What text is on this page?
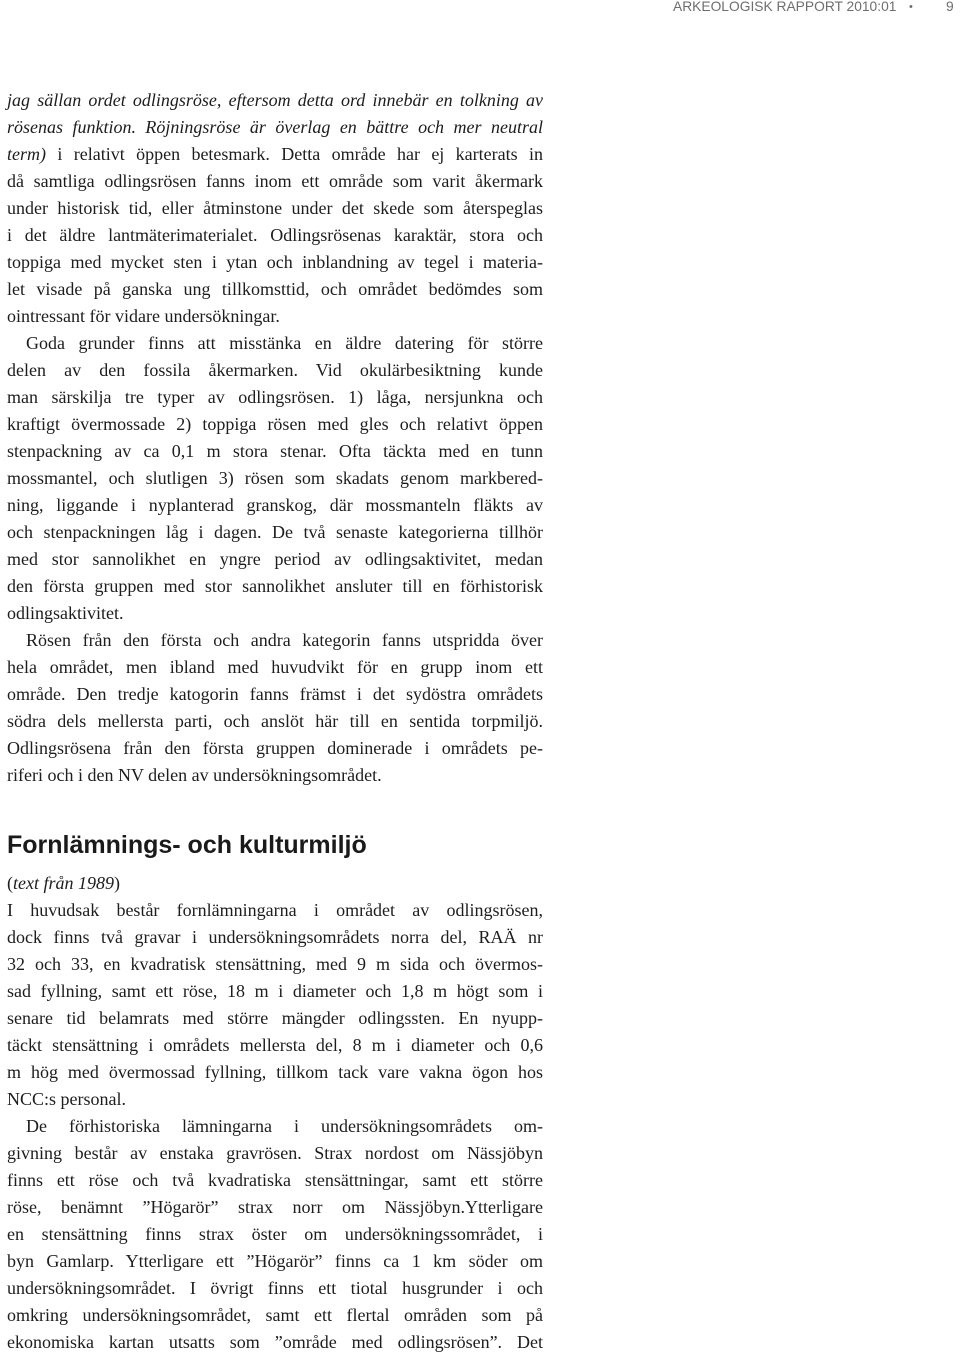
ARKEOLOGISK RAPPORT 2010:01 • 9
jag sällan ordet odlingsröse, eftersom detta ord innebär en tolkning av
rösenas funktion. Röjningsröse är överlag en bättre och mer neutral
term) i relativt öppen betesmark. Detta område har ej karterats in
då samtliga odlingsrösen fanns inom ett område som varit åkermark
under historisk tid, eller åtminstone under det skede som återspeglas
i det äldre lantmäterimaterialet. Odlingsrösenas karaktär, stora och
toppiga med mycket sten i ytan och inblandning av tegel i materia-
let visade på ganska ung tillkomsttid, och området bedömdes som
ointressant för vidare undersökningar.
Goda grunder finns att misstänka en äldre datering för större
delen av den fossila åkermarken. Vid okulärbesiktning kunde
man särskilja tre typer av odlingsrösen. 1) låga, nersjunkna och
kraftigt övermossade 2) toppiga rösen med gles och relativt öppen
stenpackning av ca 0,1 m stora stenar. Ofta täckta med en tunn
mossmantel, och slutligen 3) rösen som skadats genom markbered-
ning, liggande i nyplanterad granskog, där mossmanteln fläkts av
och stenpackningen låg i dagen. De två senaste kategorierna tillhör
med stor sannolikhet en yngre period av odlingsaktivitet, medan
den första gruppen med stor sannolikhet ansluter till en förhistorisk
odlingsaktivitet.
Rösen från den första och andra kategorin fanns utspridda över
hela området, men ibland med huvudvikt för en grupp inom ett
område. Den tredje katogorin fanns främst i det sydöstra områdets
södra dels mellersta parti, och anslöt här till en sentida torpmiljö.
Odlingsrösena från den första gruppen dominerade i områdets pe-
riferi och i den NV delen av undersökningsområdet.
Fornlämnings- och kulturmiljö
(text från 1989)
I huvudsak består fornlämningarna i området av odlingsrösen,
dock finns två gravar i undersökningsområdets norra del, RAÄ nr
32 och 33, en kvadratisk stensättning, med 9 m sida och övermos-
sad fyllning, samt ett röse, 18 m i diameter och 1,8 m högt som i
senare tid belamrats med större mängder odlingssten. En nyupp-
täckt stensättning i områdets mellersta del, 8 m i diameter och 0,6
m hög med övermossad fyllning, tillkom tack vare vakna ögon hos
NCC:s personal.
De förhistoriska lämningarna i undersökningsområdets om-
givning består av enstaka gravrösen. Strax nordost om Nässjöbyn
finns ett röse och två kvadratiska stensättningar, samt ett större
röse, benämnt ”Högarör” strax norr om Nässjöbyn.Ytterligare
en stensättning finns strax öster om undersökningssområdet, i
byn Gamlarp. Ytterligare ett ”Högarör” finns ca 1 km söder om
undersökningsområdet. I övrigt finns ett tiotal husgrunder i och
omkring undersökningsområdet, samt ett flertal områden som på
ekonomiska kartan utsatts som ”område med odlingsrösen”. Det
